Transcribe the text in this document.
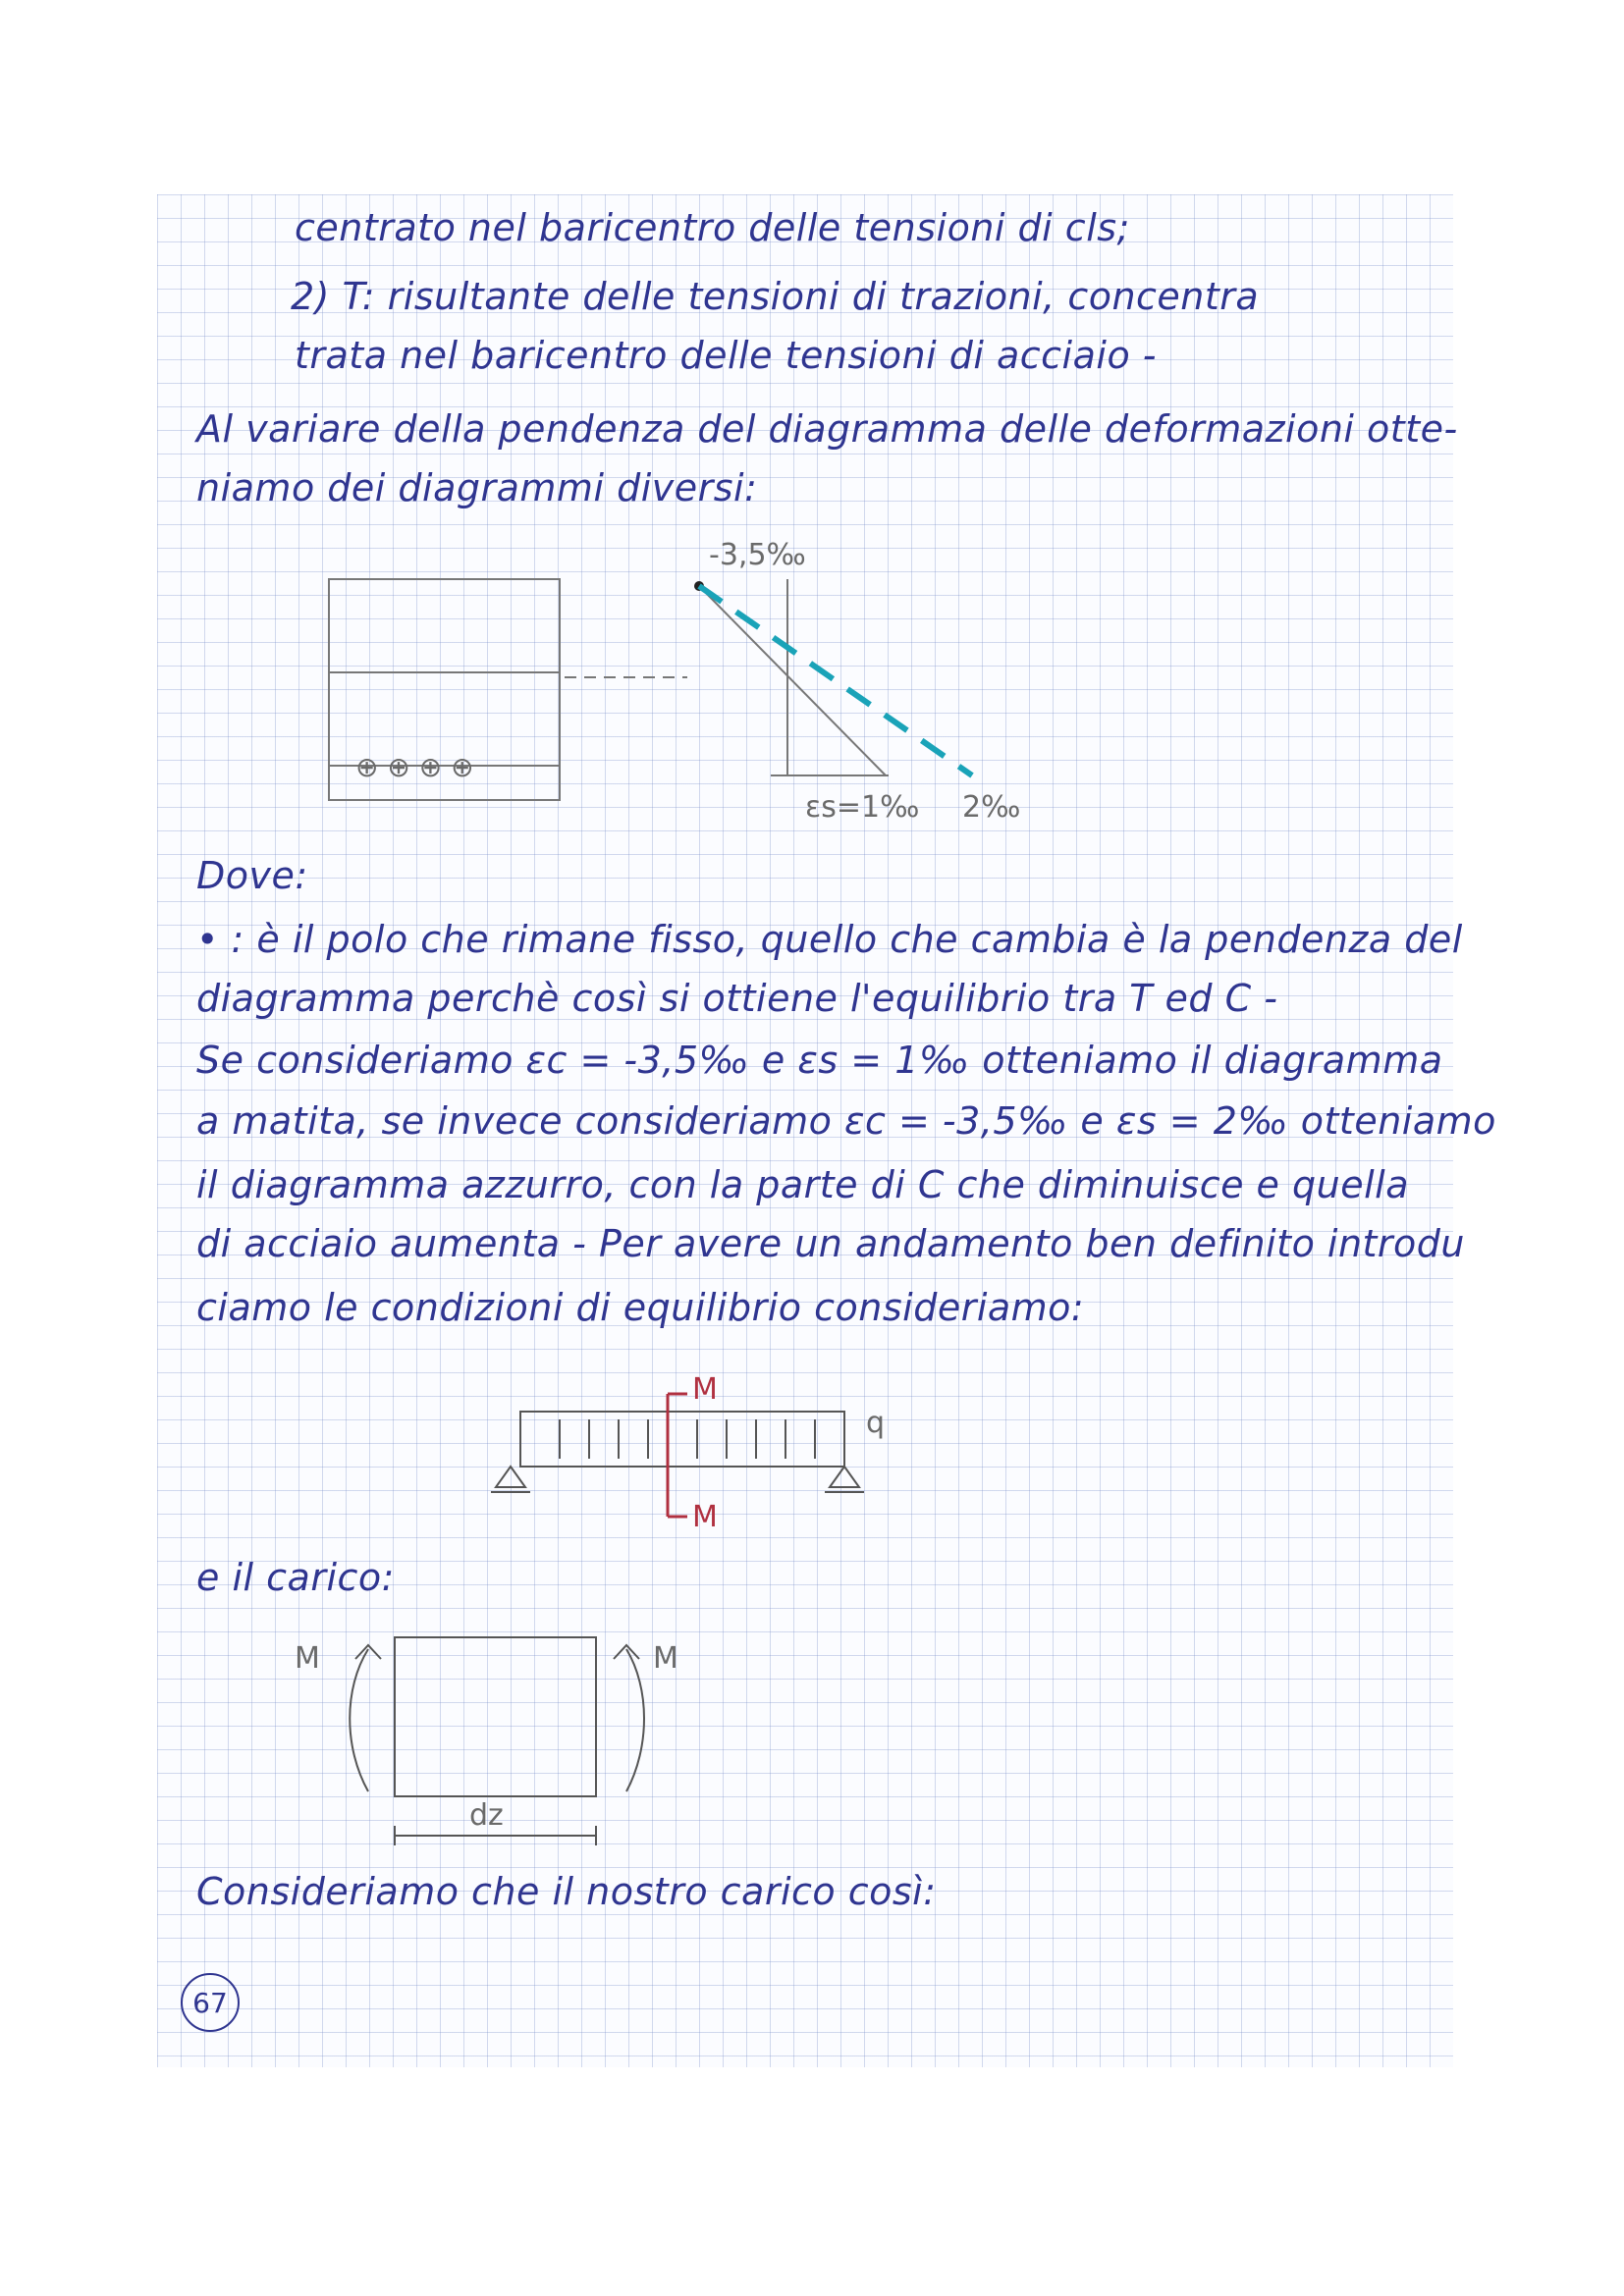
centrato nel baricentro delle tensioni di cls;
2) T: risultante delle tensioni di trazioni, concentra
trata nel baricentro delle tensioni di acciaio -
Al variare della pendenza del diagramma delle deformazioni otte-
niamo dei diagrammi diversi:
⊕ ⊕ ⊕ ⊕
-3,5‰
εs=1‰ 2‰
Dove:
• : è il polo che rimane fisso, quello che cambia è la pendenza del
diagramma perchè così si ottiene l'equilibrio tra T ed C -
Se consideriamo εc = -3,5‰ e εs = 1‰ otteniamo il diagramma
a matita, se invece consideriamo εc = -3,5‰ e εs = 2‰ otteniamo
il diagramma azzurro, con la parte di C che diminuisce e quella
di acciaio aumenta - Per avere un andamento ben definito introdu
ciamo le condizioni di equilibrio consideriamo:
M
M
q
e il carico:
M	M
dz
Consideriamo che il nostro carico così:
67
